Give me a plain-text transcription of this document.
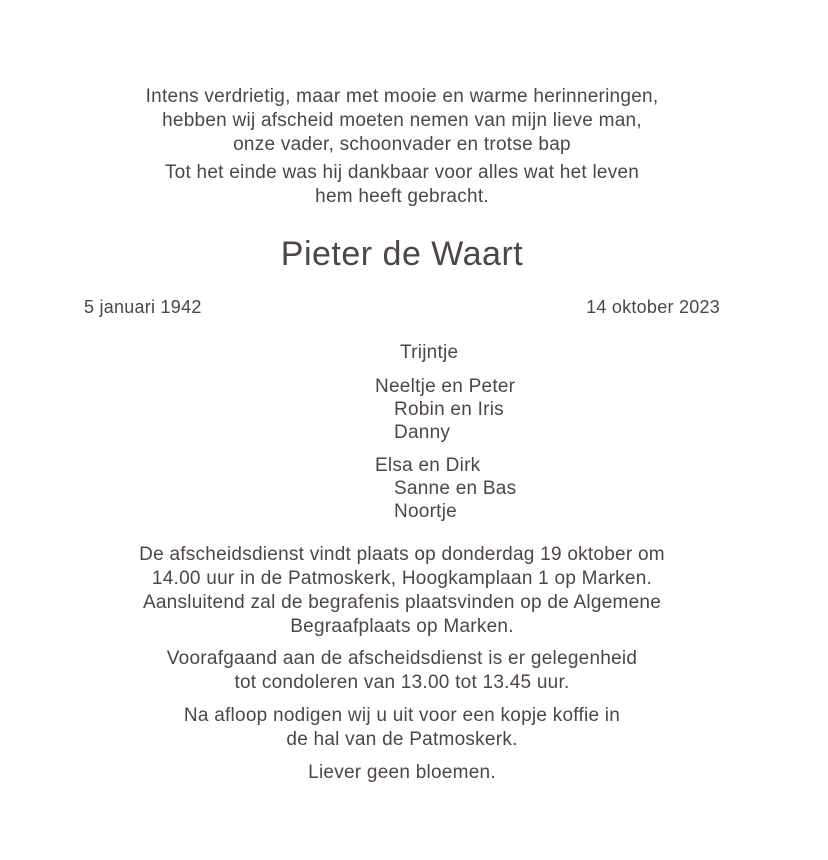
Intens verdrietig, maar met mooie en warme herinneringen,
hebben wij afscheid moeten nemen van mijn lieve man,
onze vader, schoonvader en trotse bap
Tot het einde was hij dankbaar voor alles wat het leven
hem heeft gebracht.
Pieter de Waart
5 januari 1942	14 oktober 2023
Trijntje
Neeltje en Peter
Robin en Iris
Danny
Elsa en Dirk
Sanne en Bas
Noortje
De afscheidsdienst vindt plaats op donderdag 19 oktober om
14.00 uur in de Patmoskerk, Hoogkamplaan 1 op Marken.
Aansluitend zal de begrafenis plaatsvinden op de Algemene
Begraafplaats op Marken.
Voorafgaand aan de afscheidsdienst is er gelegenheid
tot condoleren van 13.00 tot 13.45 uur.
Na afloop nodigen wij u uit voor een kopje koffie in
de hal van de Patmoskerk.
Liever geen bloemen.
